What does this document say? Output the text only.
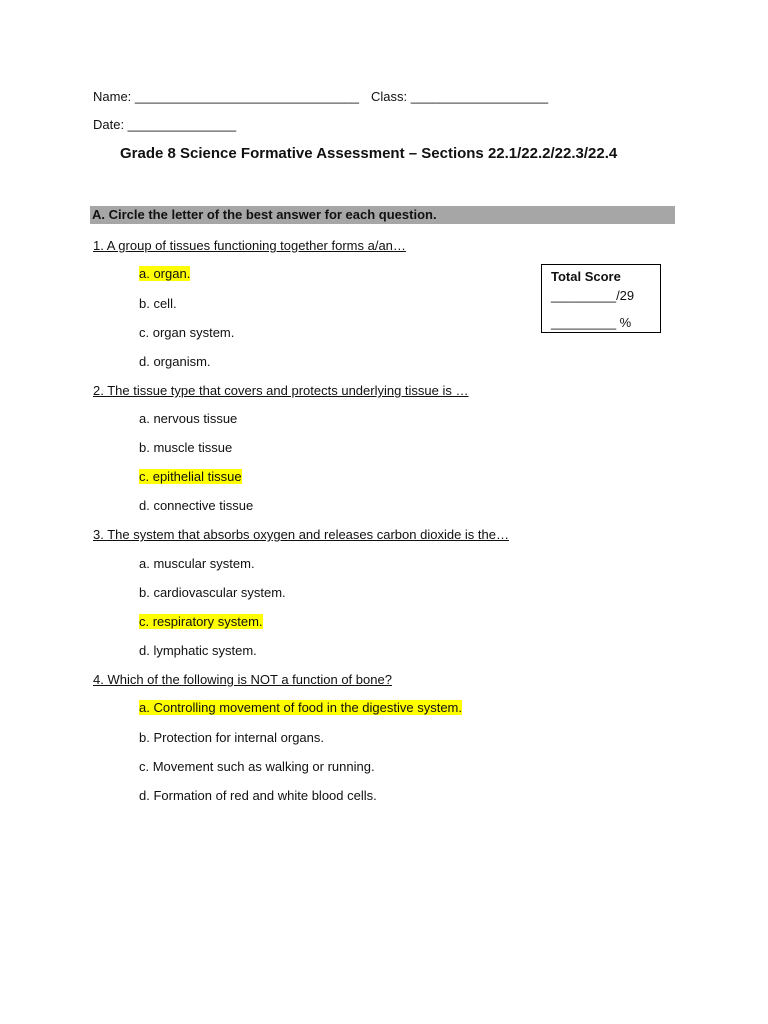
Name: _______________________________ Class: ___________________
Date: _______________
Grade 8 Science Formative Assessment – Sections 22.1/22.2/22.3/22.4
A. Circle the letter of the best answer for each question.
Total Score
_________/29
_________ %
1. A group of tissues functioning together forms a/an…
a. organ.
b. cell.
c. organ system.
d. organism.
2. The tissue type that covers and protects underlying tissue is …
a. nervous tissue
b. muscle tissue
c. epithelial tissue
d. connective tissue
3. The system that absorbs oxygen and releases carbon dioxide is the…
a. muscular system.
b. cardiovascular system.
c. respiratory system.
d. lymphatic system.
4. Which of the following is NOT a function of bone?
a. Controlling movement of food in the digestive system.
b. Protection for internal organs.
c. Movement such as walking or running.
d. Formation of red and white blood cells.
